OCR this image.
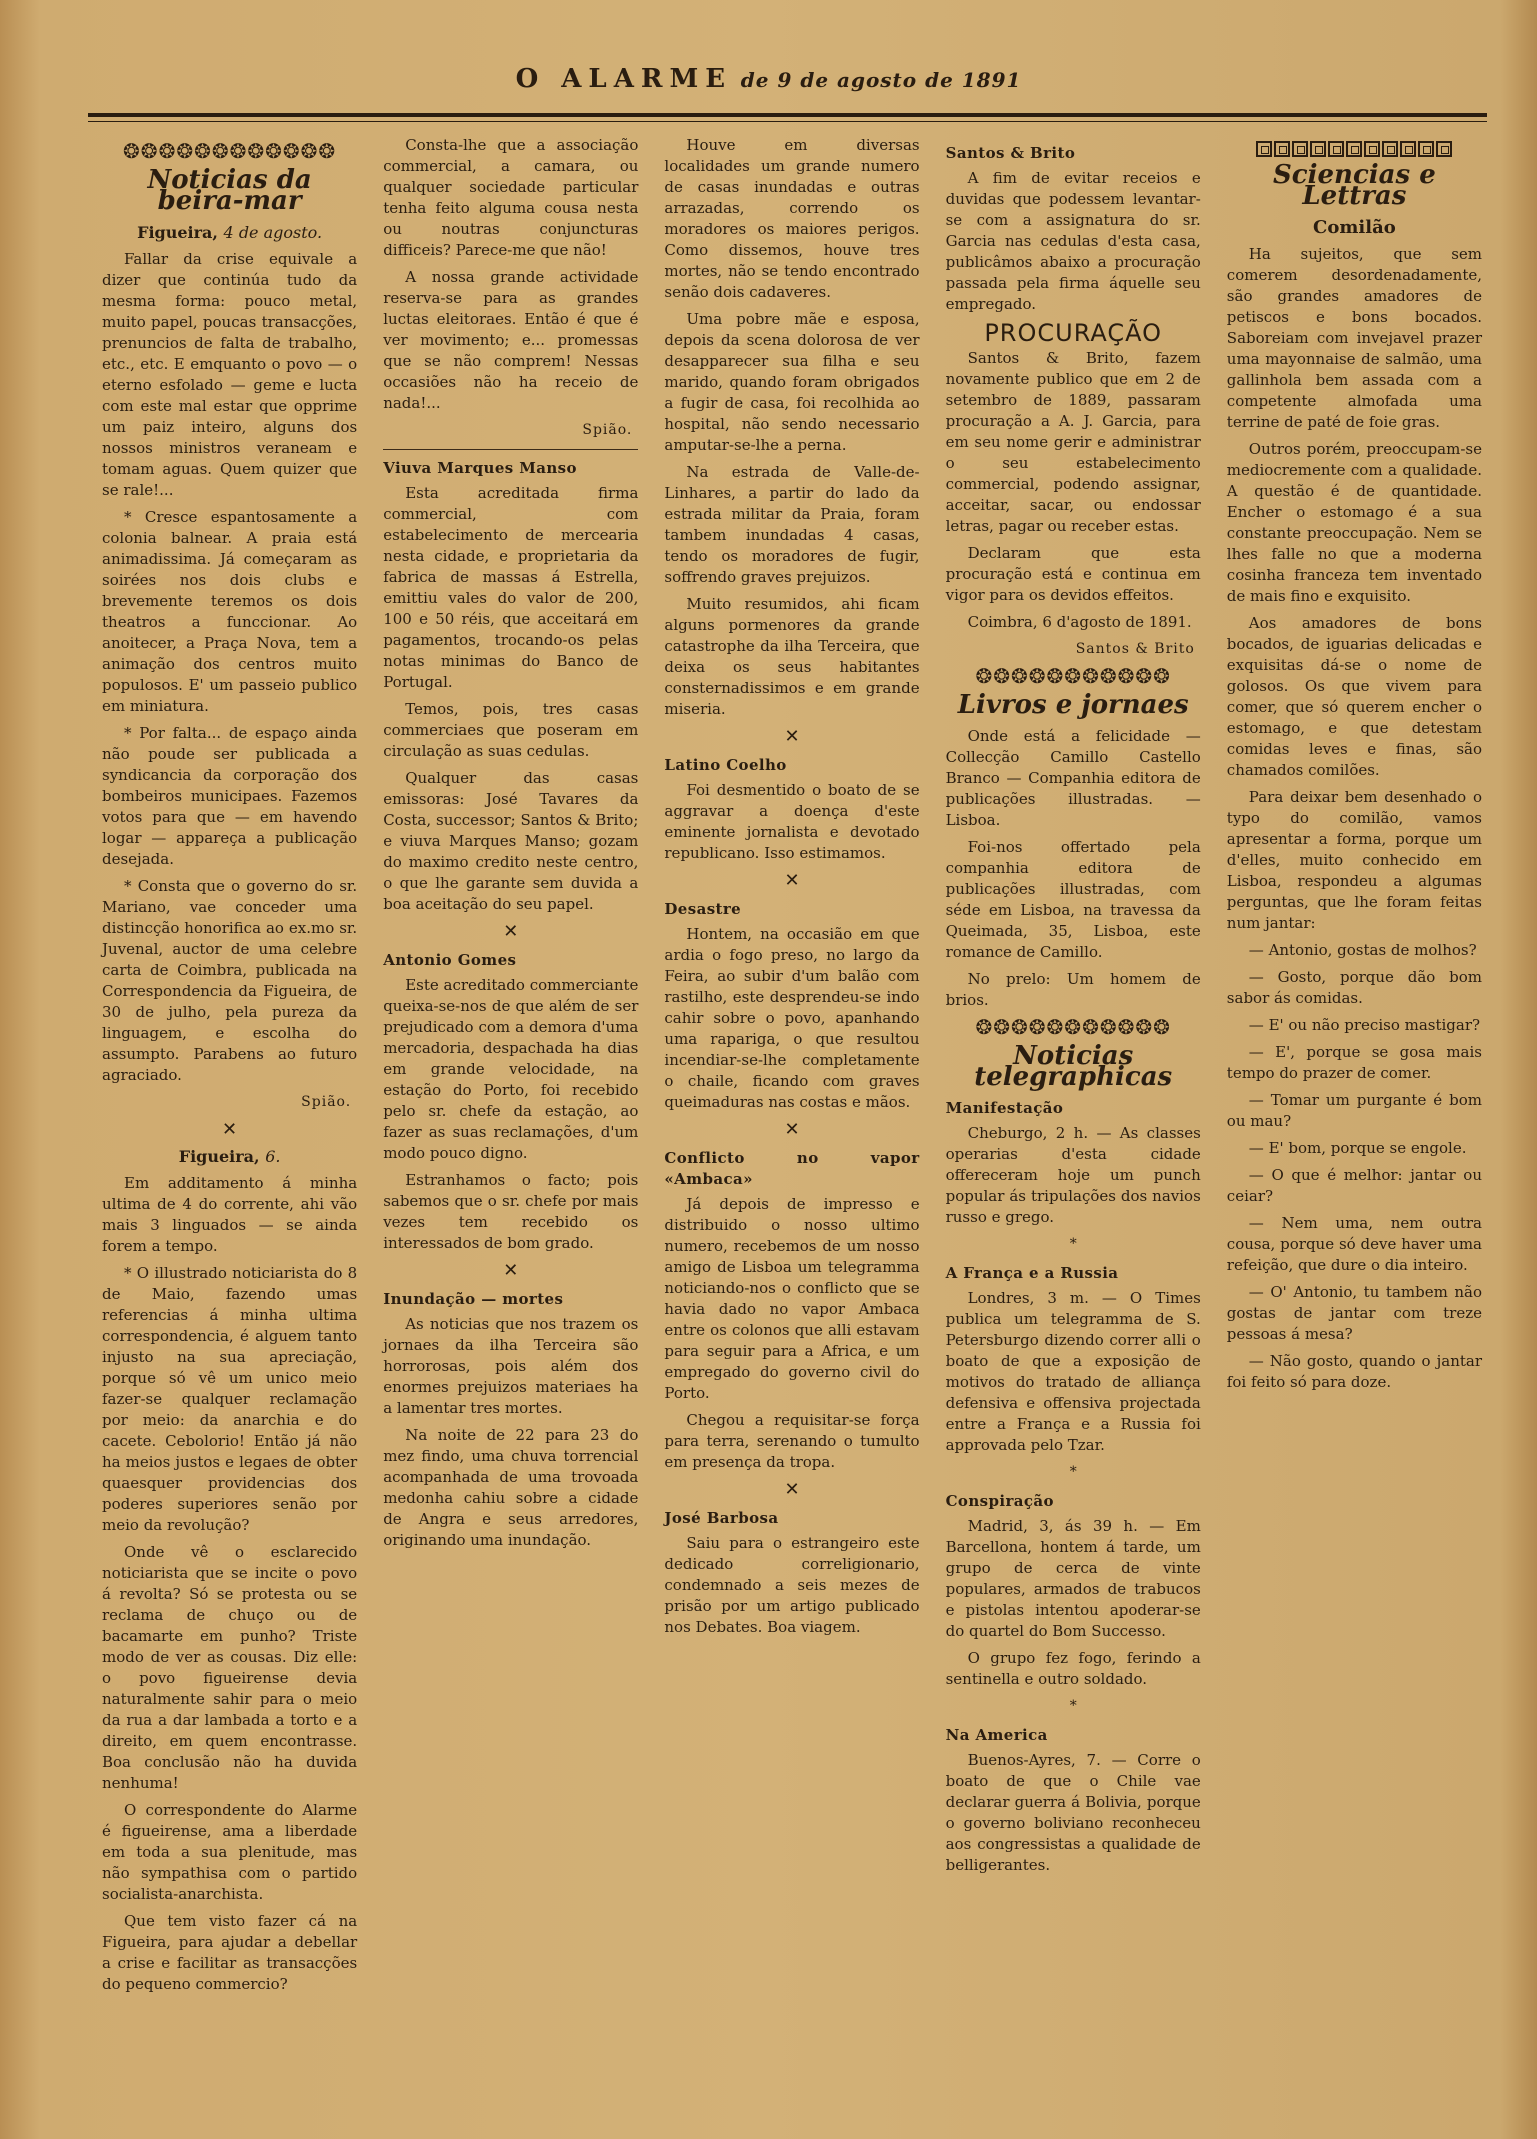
O ALARME de 9 de agosto de 1891
❂❂❂❂❂❂❂❂❂❂❂❂
Noticias da beira-mar
Figueira, 4 de agosto.

Fallar da crise equivale a dizer que continúa tudo da mesma forma: pouco metal, muito papel, poucas transacções, prenuncios de falta de trabalho, etc., etc. E emquanto o povo — o eterno esfolado — geme e lucta com este mal estar que opprime um paiz inteiro, alguns dos nossos ministros veraneam e tomam aguas. Quem quizer que se rale!...

* Cresce espantosamente a colonia balnear. A praia está animadissima. Já começaram as soirées nos dois clubs e brevemente teremos os dois theatros a funccionar. Ao anoitecer, a Praça Nova, tem a animação dos centros muito populosos. E' um passeio publico em miniatura.

* Por falta... de espaço ainda não poude ser publicada a syndicancia da corporação dos bombeiros municipaes. Fazemos votos para que — em havendo logar — appareça a publicação desejada.

* Consta que o governo do sr. Mariano, vae conceder uma distincção honorifica ao ex.mo sr. Juvenal, auctor de uma celebre carta de Coimbra, publicada na Correspondencia da Figueira, de 30 de julho, pela pureza da linguagem, e escolha do assumpto. Parabens ao futuro agraciado.

Spião.
✕
Figueira, 6.

Em additamento á minha ultima de 4 do corrente, ahi vão mais 3 linguados — se ainda forem a tempo.

* O illustrado noticiarista do 8 de Maio, fazendo umas referencias á minha ultima correspondencia, é alguem tanto injusto na sua apreciação, porque só vê um unico meio fazer-se qualquer reclamação por meio: da anarchia e do cacete. Cebolorio! Então já não ha meios justos e legaes de obter quaesquer providencias dos poderes superiores senão por meio da revolução?

Onde vê o esclarecido noticiarista que se incite o povo á revolta? Só se protesta ou se reclama de chuço ou de bacamarte em punho? Triste modo de ver as cousas. Diz elle: o povo figueirense devia naturalmente sahir para o meio da rua a dar lambada a torto e a direito, em quem encontrasse. Boa conclusão não ha duvida nenhuma!

O correspondente do Alarme é figueirense, ama a liberdade em toda a sua plenitude, mas não sympathisa com o partido socialista-anarchista.

Que tem visto fazer cá na Figueira, para ajudar a debellar a crise e facilitar as transacções do pequeno commercio?

Consta-lhe que a associação commercial, a camara, ou qualquer sociedade particular tenha feito alguma cousa nesta ou noutras conjuncturas difficeis? Parece-me que não!

A nossa grande actividade reserva-se para as grandes luctas eleitoraes. Então é que é ver movimento; e... promessas que se não comprem! Nessas occasiões não ha receio de nada!...

Spião.
Viuva Marques Manso

Esta acreditada firma commercial, com estabelecimento de mercearia nesta cidade, e proprietaria da fabrica de massas á Estrella, emittiu vales do valor de 200, 100 e 50 réis, que acceitará em pagamentos, trocando-os pelas notas minimas do Banco de Portugal.

Temos, pois, tres casas commerciaes que poseram em circulação as suas cedulas.

Qualquer das casas emissoras: José Tavares da Costa, successor; Santos & Brito; e viuva Marques Manso; gozam do maximo credito neste centro, o que lhe garante sem duvida a boa aceitação do seu papel.

✕
Antonio Gomes

Este acreditado commerciante queixa-se-nos de que além de ser prejudicado com a demora d'uma mercadoria, despachada ha dias em grande velocidade, na estação do Porto, foi recebido pelo sr. chefe da estação, ao fazer as suas reclamações, d'um modo pouco digno.

Estranhamos o facto; pois sabemos que o sr. chefe por mais vezes tem recebido os interessados de bom grado.

✕
Inundação — mortes

As noticias que nos trazem os jornaes da ilha Terceira são horrorosas, pois além dos enormes prejuizos materiaes ha a lamentar tres mortes.

Na noite de 22 para 23 do mez findo, uma chuva torrencial acompanhada de uma trovoada medonha cahiu sobre a cidade de Angra e seus arredores, originando uma inundação.

Houve em diversas localidades um grande numero de casas inundadas e outras arrazadas, correndo os moradores os maiores perigos. Como dissemos, houve tres mortes, não se tendo encontrado senão dois cadaveres.

Uma pobre mãe e esposa, depois da scena dolorosa de ver desapparecer sua filha e seu marido, quando foram obrigados a fugir de casa, foi recolhida ao hospital, não sendo necessario amputar-se-lhe a perna.

Na estrada de Valle-de-Linhares, a partir do lado da estrada militar da Praia, foram tambem inundadas 4 casas, tendo os moradores de fugir, soffrendo graves prejuizos.

Muito resumidos, ahi ficam alguns pormenores da grande catastrophe da ilha Terceira, que deixa os seus habitantes consternadissimos e em grande miseria.

✕
Latino Coelho

Foi desmentido o boato de se aggravar a doença d'este eminente jornalista e devotado republicano. Isso estimamos.

✕
Desastre

Hontem, na occasião em que ardia o fogo preso, no largo da Feira, ao subir d'um balão com rastilho, este desprendeu-se indo cahir sobre o povo, apanhando uma rapariga, o que resultou incendiar-se-lhe completamente o chaile, ficando com graves queimaduras nas costas e mãos.

✕
Conflicto no vapor «Ambaca»

Já depois de impresso e distribuido o nosso ultimo numero, recebemos de um nosso amigo de Lisboa um telegramma noticiando-nos o conflicto que se havia dado no vapor Ambaca entre os colonos que alli estavam para seguir para a Africa, e um empregado do governo civil do Porto.

Chegou a requisitar-se força para terra, serenando o tumulto em presença da tropa.

✕
José Barbosa

Saiu para o estrangeiro este dedicado correligionario, condemnado a seis mezes de prisão por um artigo publicado nos Debates. Boa viagem.

Santos & Brito

A fim de evitar receios e duvidas que podessem levantar-se com a assignatura do sr. Garcia nas cedulas d'esta casa, publicâmos abaixo a procuração passada pela firma áquelle seu empregado.

PROCURAÇÃO

Santos & Brito, fazem novamente publico que em 2 de setembro de 1889, passaram procuração a A. J. Garcia, para em seu nome gerir e administrar o seu estabelecimento commercial, podendo assignar, acceitar, sacar, ou endossar letras, pagar ou receber estas.

Declaram que esta procuração está e continua em vigor para os devidos effeitos.

Coimbra, 6 d'agosto de 1891.

Santos & Brito
❂❂❂❂❂❂❂❂❂❂❂
Livros e jornaes

Onde está a felicidade — Collecção Camillo Castello Branco — Companhia editora de publicações illustradas. — Lisboa.

Foi-nos offertado pela companhia editora de publicações illustradas, com séde em Lisboa, na travessa da Queimada, 35, Lisboa, este romance de Camillo.

No prelo: Um homem de brios.

❂❂❂❂❂❂❂❂❂❂❂
Noticias telegraphicas
Manifestação

Cheburgo, 2 h. — As classes operarias d'esta cidade offereceram hoje um punch popular ás tripulações dos navios russo e grego.

*
A França e a Russia

Londres, 3 m. — O Times publica um telegramma de S. Petersburgo dizendo correr alli o boato de que a exposição de motivos do tratado de alliança defensiva e offensiva projectada entre a França e a Russia foi approvada pelo Tzar.

*
Conspiração

Madrid, 3, ás 39 h. — Em Barcellona, hontem á tarde, um grupo de cerca de vinte populares, armados de trabucos e pistolas intentou apoderar-se do quartel do Bom Successo.

O grupo fez fogo, ferindo a sentinella e outro soldado.

*
Na America

Buenos-Ayres, 7. — Corre o boato de que o Chile vae declarar guerra á Bolivia, porque o governo boliviano reconheceu aos congressistas a qualidade de belligerantes.

Sciencias e Lettras
Comilão

Ha sujeitos, que sem comerem desordenadamente, são grandes amadores de petiscos e bons bocados. Saboreiam com invejavel prazer uma mayonnaise de salmão, uma gallinhola bem assada com a competente almofada uma terrine de paté de foie gras.

Outros porém, preoccupam-se mediocremente com a qualidade. A questão é de quantidade. Encher o estomago é a sua constante preoccupação. Nem se lhes falle no que a moderna cosinha franceza tem inventado de mais fino e exquisito.

Aos amadores de bons bocados, de iguarias delicadas e exquisitas dá-se o nome de golosos. Os que vivem para comer, que só querem encher o estomago, e que detestam comidas leves e finas, são chamados comilões.

Para deixar bem desenhado o typo do comilão, vamos apresentar a forma, porque um d'elles, muito conhecido em Lisboa, respondeu a algumas perguntas, que lhe foram feitas num jantar:

— Antonio, gostas de molhos?

— Gosto, porque dão bom sabor ás comidas.

— E' ou não preciso mastigar?

— E', porque se gosa mais tempo do prazer de comer.

— Tomar um purgante é bom ou mau?

— E' bom, porque se engole.

— O que é melhor: jantar ou ceiar?

— Nem uma, nem outra cousa, porque só deve haver uma refeição, que dure o dia inteiro.

— O' Antonio, tu tambem não gostas de jantar com treze pessoas á mesa?

— Não gosto, quando o jantar foi feito só para doze.
